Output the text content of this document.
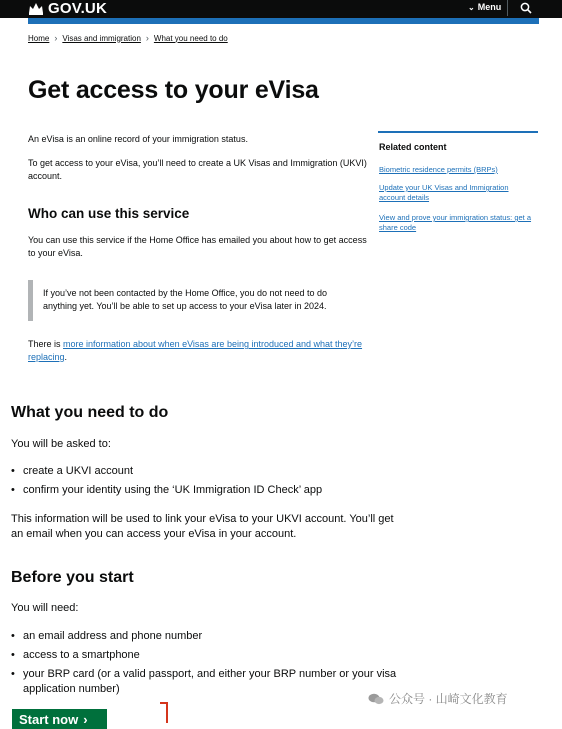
GOV.UK	⌄ Menu
Home › Visas and immigration › What you need to do
Get access to your eVisa

An eVisa is an online record of your immigration status.

To get access to your eVisa, you’ll need to create a UK Visas and Immigration (UKVI) account.

Who can use this service

You can use this service if the Home Office has emailed you about how to get access to your eVisa.

If you’ve not been contacted by the Home Office, you do not need to do anything yet. You’ll be able to set up access to your eVisa later in 2024.

There is more information about when eVisas are being introduced and what they’re replacing.

Related content
Biometric residence permits (BRPs)
Update your UK Visas and Immigration account details
View and prove your immigration status: get a share code
What you need to do

You will be asked to:

• create a UKVI account
• confirm your identity using the ‘UK Immigration ID Check’ app

This information will be used to link your eVisa to your UKVI account. You’ll get an email when you can access your eVisa in your account.

Before you start

You will need:

• an email address and phone number
• access to a smartphone
• your BRP card (or a valid passport, and either your BRP number or your visa application number)
Start now ›
公众号 · 山崎文化教育
